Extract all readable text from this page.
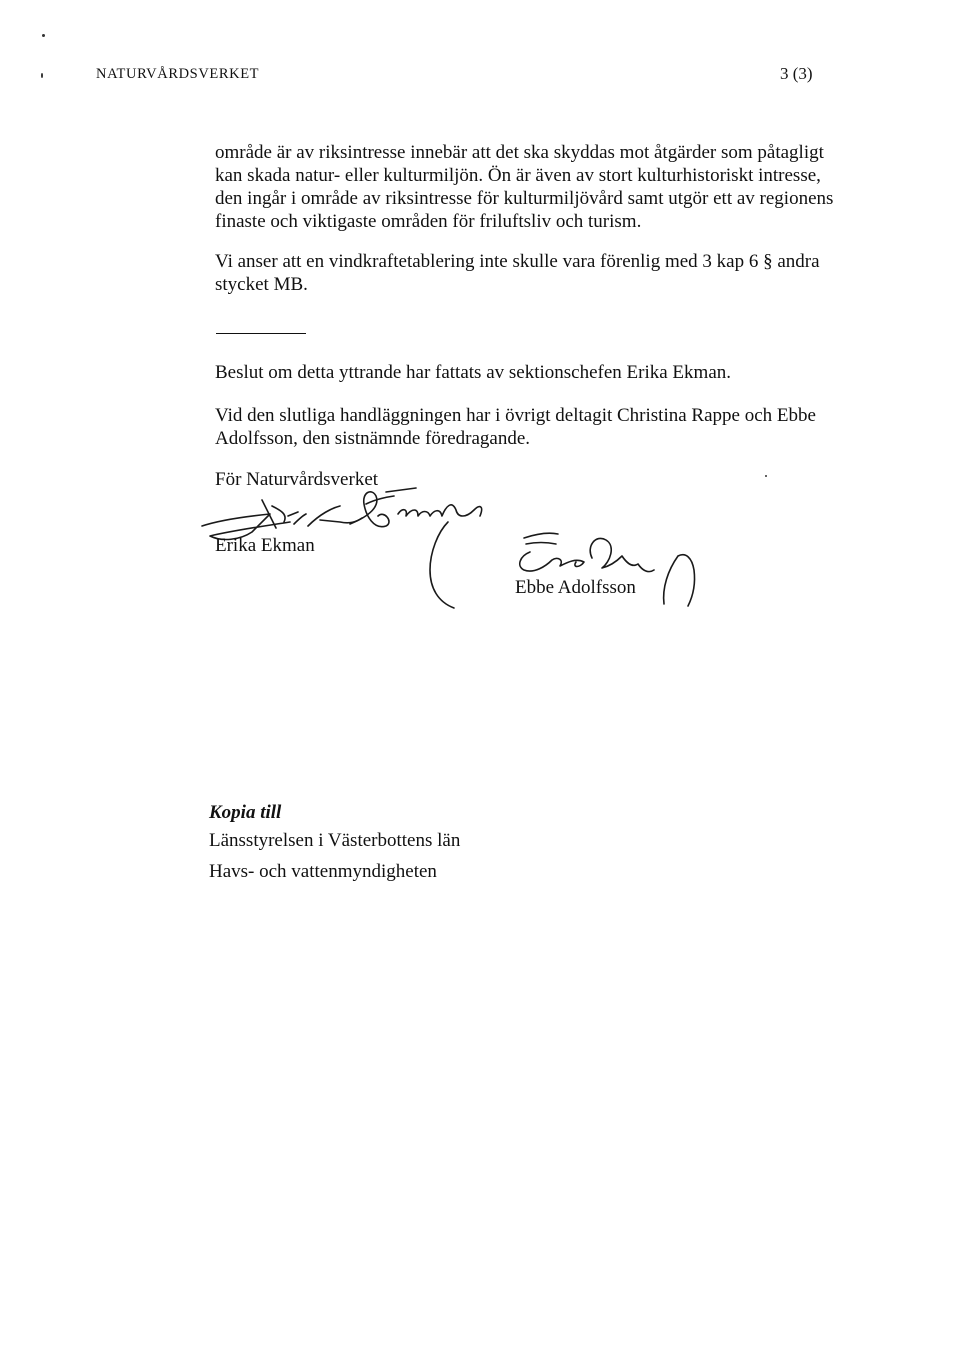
NATURVÅRDSVERKET	3 (3)

område är av riksintresse innebär att det ska skyddas mot åtgärder som påtagligt kan skada natur- eller kulturmiljön. Ön är även av stort kulturhistoriskt intresse, den ingår i område av riksintresse för kulturmiljövård samt utgör ett av regionens finaste och viktigaste områden för friluftsliv och turism.

Vi anser att en vindkraftetablering inte skulle vara förenlig med 3 kap 6 § andra stycket MB.

Beslut om detta yttrande har fattats av sektionschefen Erika Ekman.

Vid den slutliga handläggningen har i övrigt deltagit Christina Rappe och Ebbe Adolfsson, den sistnämnde föredragande.

För Naturvårdsverket
Erika Ekman
Ebbe Adolfsson
Kopia till
Länsstyrelsen i Västerbottens län
Havs- och vattenmyndigheten
